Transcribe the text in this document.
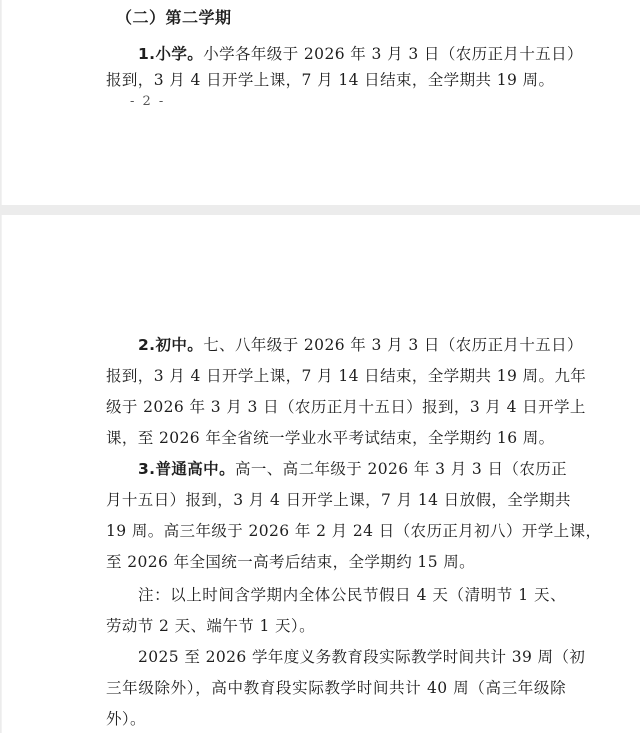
（二）第二学期
1.小学。小学各年级于 2026 年 3 月 3 日（农历正月十五日）
报到，3 月 4 日开学上课，7 月 14 日结束，全学期共 19 周。
- 2 -
2.初中。七、八年级于 2026 年 3 月 3 日（农历正月十五日）
报到，3 月 4 日开学上课，7 月 14 日结束，全学期共 19 周。九年
级于 2026 年 3 月 3 日（农历正月十五日）报到，3 月 4 日开学上
课，至 2026 年全省统一学业水平考试结束，全学期约 16 周。
3.普通高中。高一、高二年级于 2026 年 3 月 3 日（农历正
月十五日）报到，3 月 4 日开学上课，7 月 14 日放假，全学期共
19 周。高三年级于 2026 年 2 月 24 日（农历正月初八）开学上课，
至 2026 年全国统一高考后结束，全学期约 15 周。
注：以上时间含学期内全体公民节假日 4 天（清明节 1 天、
劳动节 2 天、端午节 1 天）。
2025 至 2026 学年度义务教育段实际教学时间共计 39 周（初
三年级除外），高中教育段实际教学时间共计 40 周（高三年级除
外）。
